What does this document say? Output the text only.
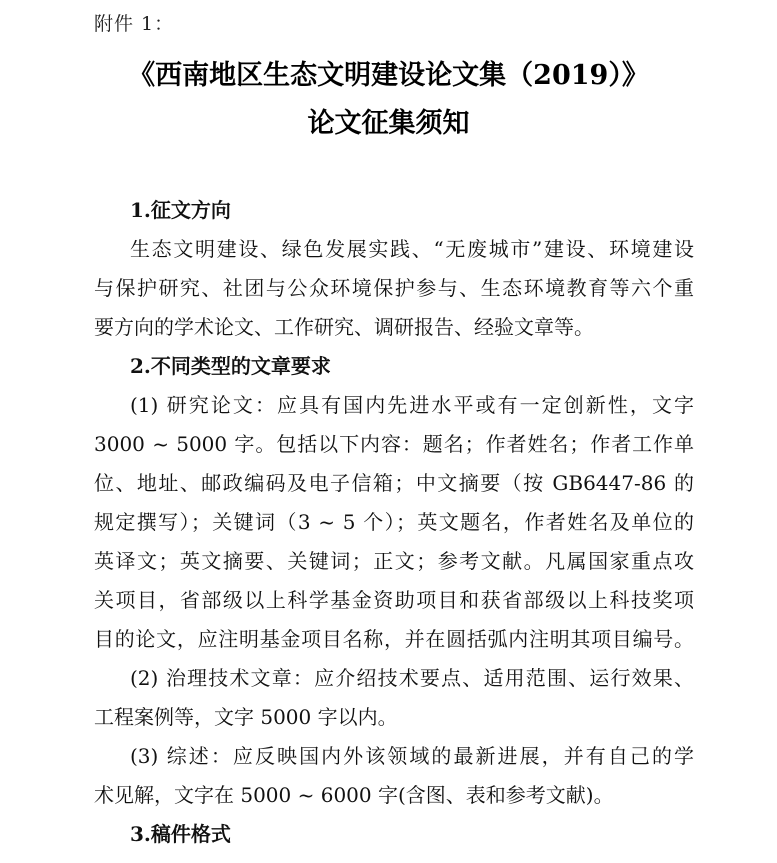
附件 1：
《西南地区生态文明建设论文集（2019）》
论文征集须知
1.征文方向
生态文明建设、绿色发展实践、“无废城市”建设、环境建设
与保护研究、社团与公众环境保护参与、生态环境教育等六个重
要方向的学术论文、工作研究、调研报告、经验文章等。
2.不同类型的文章要求
(1) 研究论文：应具有国内先进水平或有一定创新性，文字
3000 ~ 5000 字。包括以下内容：题名；作者姓名；作者工作单
位、地址、邮政编码及电子信箱；中文摘要（按 GB6447-86 的
规定撰写）；关键词（3 ~ 5 个）；英文题名，作者姓名及单位的
英译文；英文摘要、关键词；正文；参考文献。凡属国家重点攻
关项目，省部级以上科学基金资助项目和获省部级以上科技奖项
目的论文，应注明基金项目名称，并在圆括弧内注明其项目编号。
(2) 治理技术文章：应介绍技术要点、适用范围、运行效果、
工程案例等，文字 5000 字以内。
(3) 综述：应反映国内外该领域的最新进展，并有自己的学
术见解，文字在 5000 ~ 6000 字(含图、表和参考文献)。
3.稿件格式
